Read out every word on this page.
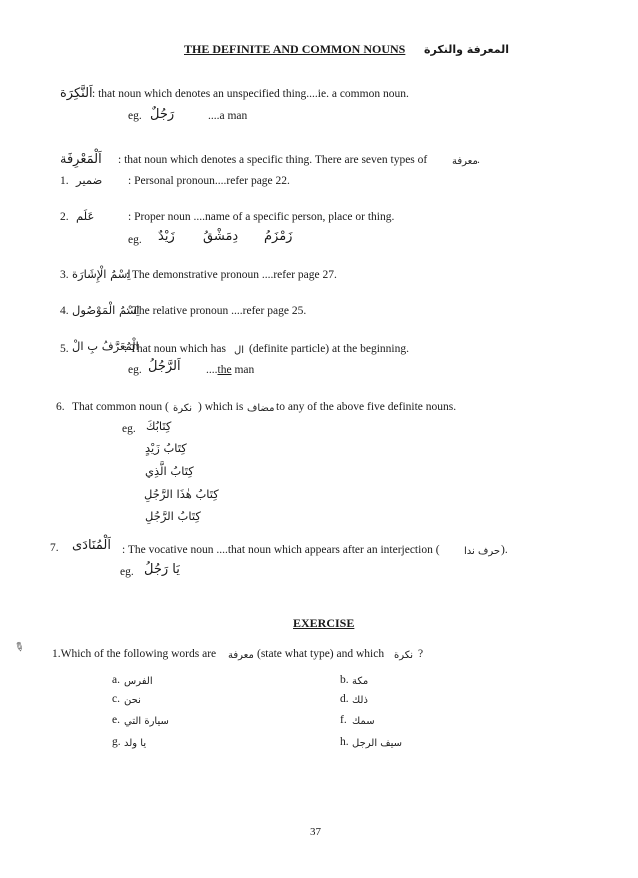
THE DEFINITE AND COMMON NOUNS المعرفة والنكرة
اَلنَّكِرَة : that noun which denotes an unspecified thing....ie. a common noun.
eg. رَجُلٌ	....a man
اَلْمَعْرِفَة : that noun which denotes a specific thing. There are seven types of معرفة .
1. ضمير : Personal pronoun....refer page 22.
2. عَلَم	: Proper noun ....name of a specific person, place or thing.
eg. زَيْدٌ دِمَشْقُ زَمْزَمُ
3. اِسْمُ الْإِشَارَة
: The demonstrative pronoun ....refer page 27.
4. اِسْمُ الْمَوْصُول
: The relative pronoun ....refer page 25.
5. الْمُعَرَّفُ بِ الْ
: That noun which has ال (definite particle) at the beginning.
eg. اَلرَّجُلُ ....the man
6. That common noun ( نكرة ) which is مضاف to any of the above five definite nouns.
eg. كِتَابُكَ
كِتَابُ زَيْدٍ
كِتَابُ الَّذِي
كِتَابُ هٰذَا الرَّجُلِ
كِتَابُ الرَّجُلِ
7. اَلْمُنَادَى : The vocative noun ....that noun which appears after an interjection ( حرف ندا ).
eg. يَا رَجُلُ
EXERCISE
✎ 1.Which of the following words are معرفة (state what type) and which نكرة ?
a. الفرس	b. مكة
c. نحن	d. ذلك
e. سيارة التي	f. سمك
g. يا ولد	h. سيف الرجل
37
